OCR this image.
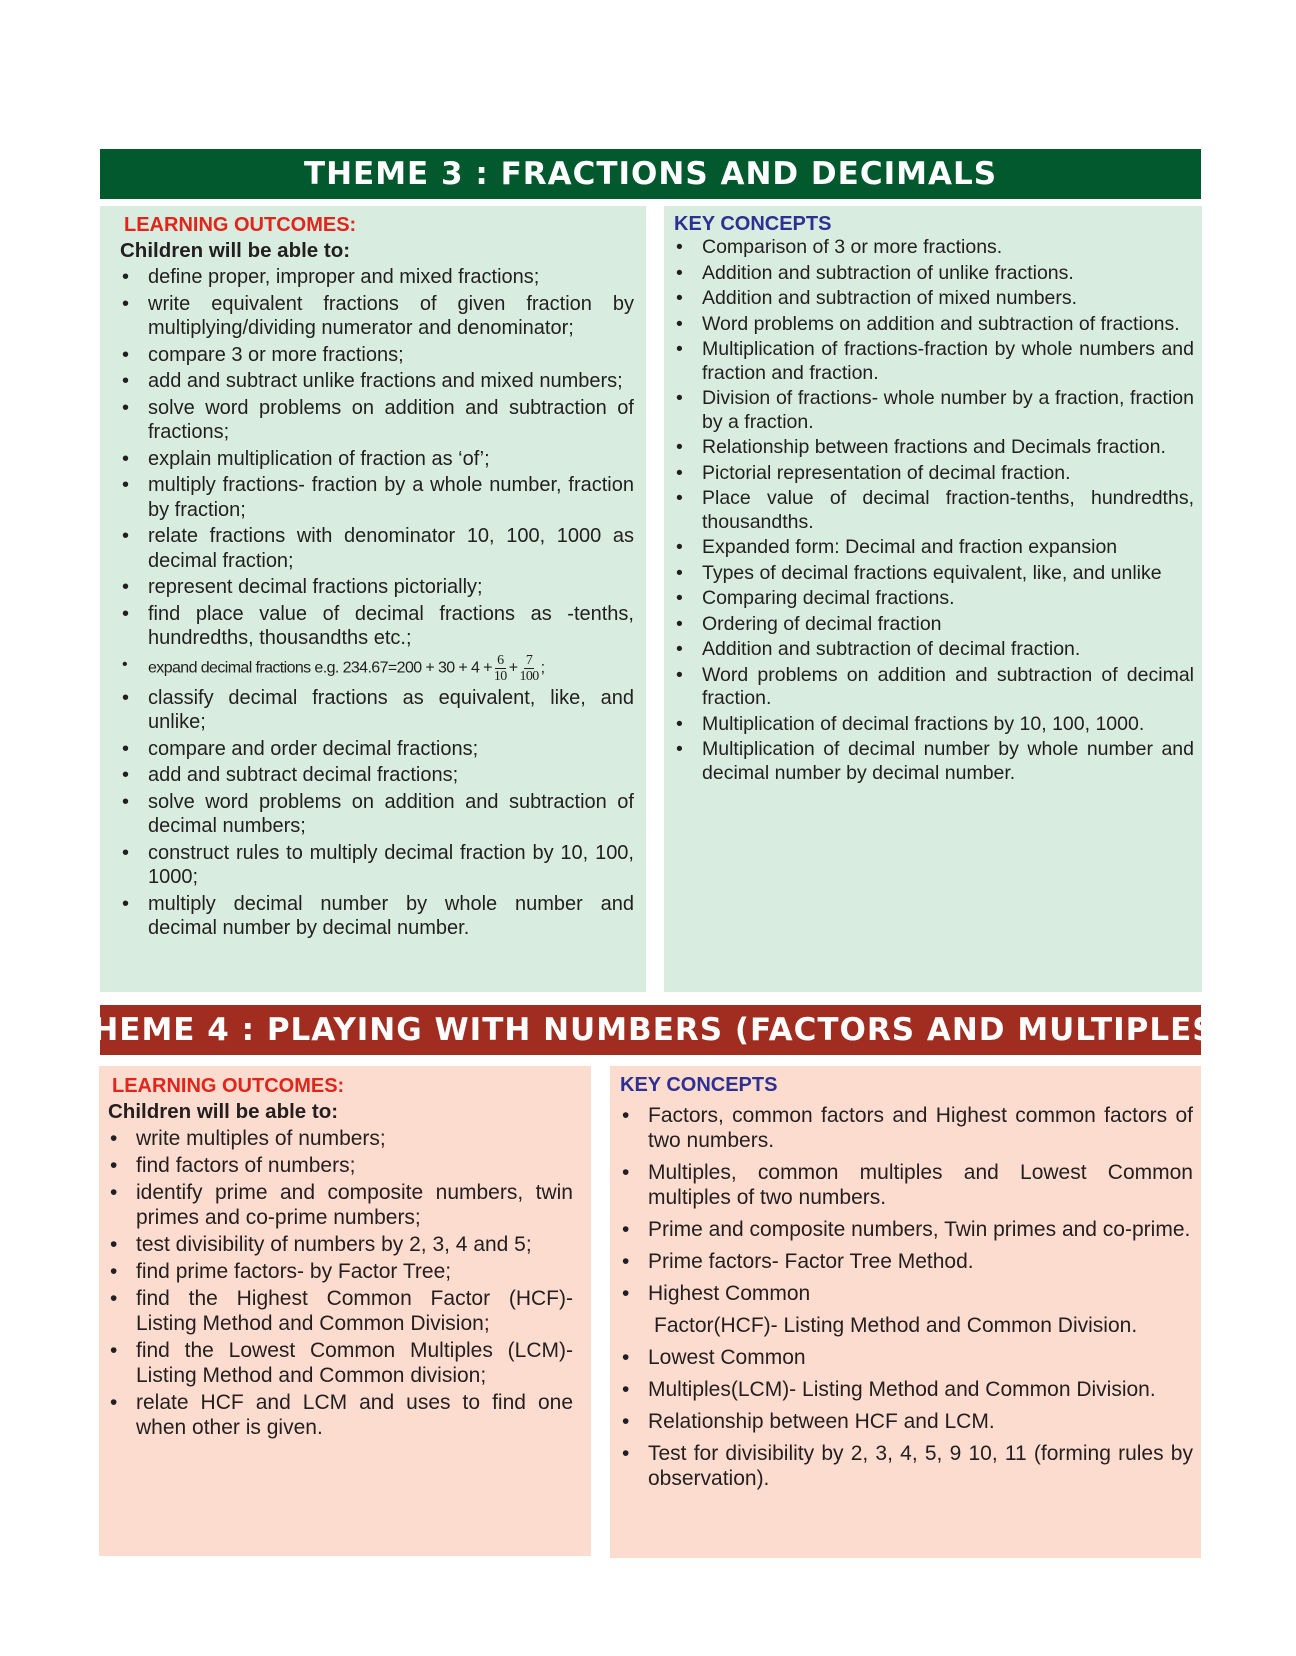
THEME 3 : FRACTIONS AND DECIMALS

LEARNING OUTCOMES:

Children will be able to:

• define proper, improper and mixed fractions;
• write equivalent fractions of given fraction by multiplying/dividing numerator and denominator;
• compare 3 or more fractions;
• add and subtract unlike fractions and mixed numbers;
• solve word problems on addition and subtraction of fractions;
• explain multiplication of fraction as ‘of’;
• multiply fractions- fraction by a whole number, fraction by fraction;
• relate fractions with denominator 10, 100, 1000 as decimal fraction;
• represent decimal fractions pictorially;
• find place value of decimal fractions as -tenths, hundredths, thousandths etc.;
• expand decimal fractions e.g. $234.67=200 + 30 + 4 + \frac{6}{10} + \frac{7}{100}$ ;
• classify decimal fractions as equivalent, like, and unlike;
• compare and order decimal fractions;
• add and subtract decimal fractions;
• solve word problems on addition and subtraction of decimal numbers;
• construct rules to multiply decimal fraction by 10, 100, 1000;
• multiply decimal number by whole number and decimal number by decimal number.

KEY CONCEPTS

• Comparison of 3 or more fractions.
• Addition and subtraction of unlike fractions.
• Addition and subtraction of mixed numbers.
• Word problems on addition and subtraction of fractions.
• Multiplication of fractions-fraction by whole numbers and fraction and fraction.
• Division of fractions- whole number by a fraction, fraction by a fraction.
• Relationship between fractions and Decimals fraction.
• Pictorial representation of decimal fraction.
• Place value of decimal fraction-tenths, hundredths, thousandths.
• Expanded form: Decimal and fraction expansion
• Types of decimal fractions equivalent, like, and unlike
• Comparing decimal fractions.
• Ordering of decimal fraction
• Addition and subtraction of decimal fraction.
• Word problems on addition and subtraction of decimal fraction.
• Multiplication of decimal fractions by 10, 100, 1000.
• Multiplication of decimal number by whole number and decimal number by decimal number.
THEME 4 : PLAYING WITH NUMBERS (FACTORS AND MULTIPLES)

LEARNING OUTCOMES:

Children will be able to:

• write multiples of numbers;
• find factors of numbers;
• identify prime and composite numbers, twin primes and co-prime numbers;
• test divisibility of numbers by 2, 3, 4 and 5;
• find prime factors- by Factor Tree;
• find the Highest Common Factor (HCF)- Listing Method and Common Division;
• find the Lowest Common Multiples (LCM)- Listing Method and Common division;
• relate HCF and LCM and uses to find one when other is given.

KEY CONCEPTS

• Factors, common factors and Highest common factors of two numbers.
• Multiples, common multiples and Lowest Common multiples of two numbers.
• Prime and composite numbers, Twin primes and co-prime.
• Prime factors- Factor Tree Method.
• Highest Common
Factor(HCF)- Listing Method and Common Division.
• Lowest Common
• Multiples(LCM)- Listing Method and Common Division.
• Relationship between HCF and LCM.
• Test for divisibility by 2, 3, 4, 5, 9 10, 11 (forming rules by observation).
